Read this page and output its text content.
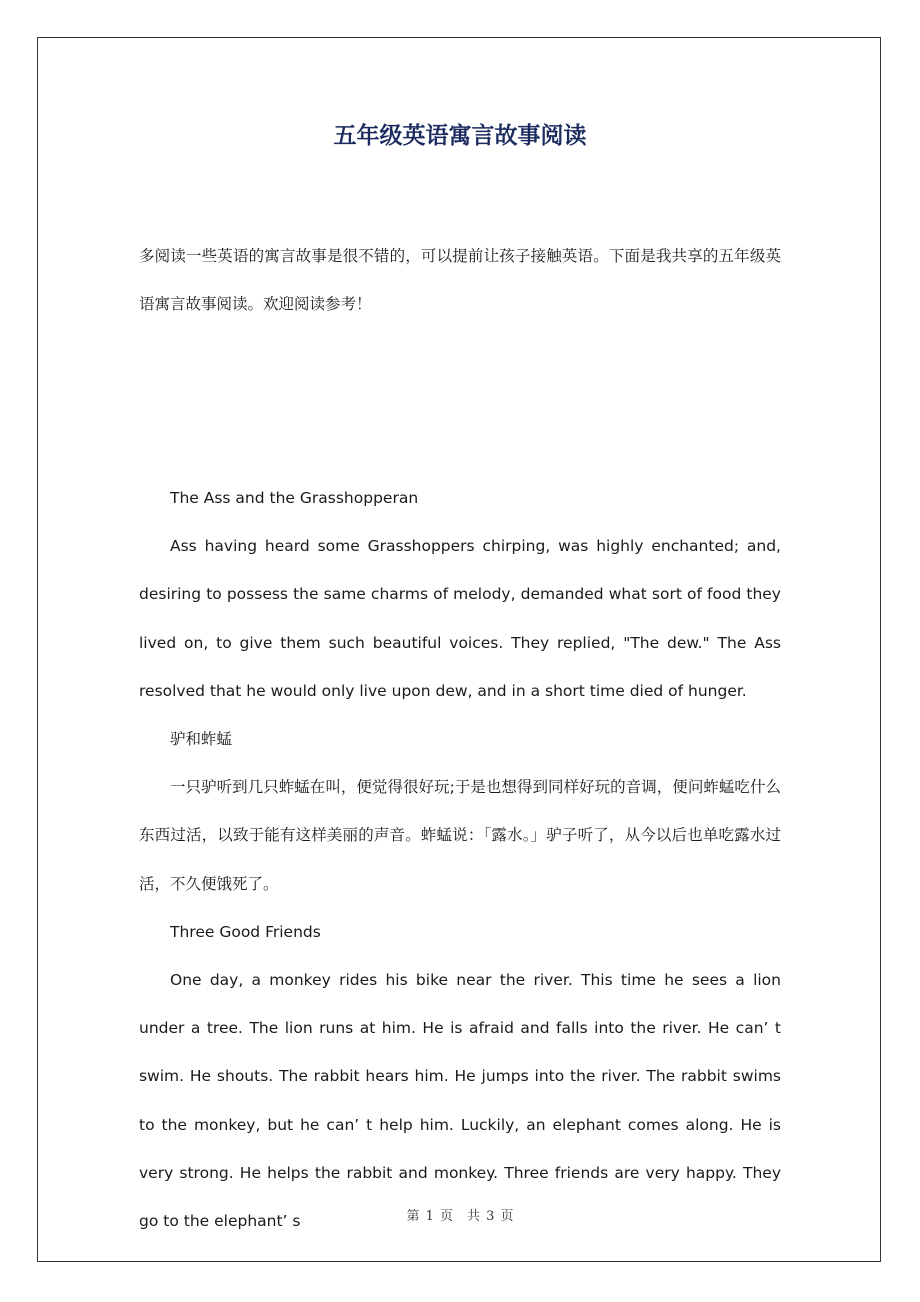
五年级英语寓言故事阅读

多阅读一些英语的寓言故事是很不错的，可以提前让孩子接触英语。下面是我共享的五年级英语寓言故事阅读。欢迎阅读参考！

The Ass and the Grasshopperan

Ass having heard some Grasshoppers chirping, was highly enchanted; and, desiring to possess the same charms of melody, demanded what sort of food they lived on, to give them such beautiful voices. They replied, "The dew." The Ass resolved that he would only live upon dew, and in a short time died of hunger.

驴和蚱蜢

一只驴听到几只蚱蜢在叫，便觉得很好玩;于是也想得到同样好玩的音调，便问蚱蜢吃什么东西过活，以致于能有这样美丽的声音。蚱蜢说：「露水。」驴子听了，从今以后也单吃露水过活，不久便饿死了。

Three Good Friends

One day, a monkey rides his bike near the river. This time he sees a lion under a tree. The lion runs at him. He is afraid and falls into the river. He can’ t swim. He shouts. The rabbit hears him. He jumps into the river. The rabbit swims to the monkey, but he can’ t help him. Luckily, an elephant comes along. He is very strong. He helps the rabbit and monkey. Three friends are very happy. They go to the elephant’ s	第 1 页 共 3 页
